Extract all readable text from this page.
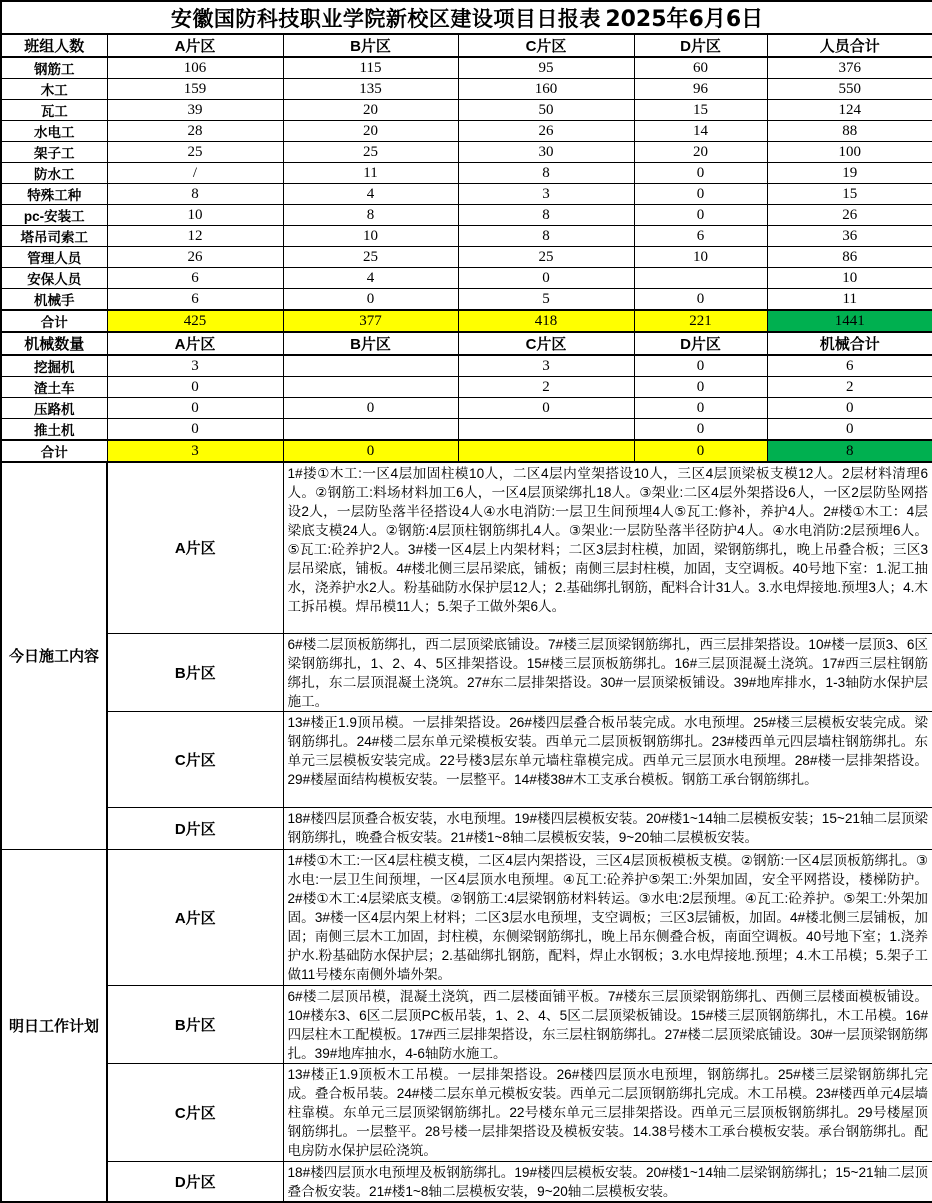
安徽国防科技职业学院新校区建设项目日报表 2025年6月6日					
班组人数	A片区	B片区	C片区	D片区	人员合计
钢筋工	106	115	95	60	376
木工	159	135	160	96	550
瓦工	39	20	50	15	124
水电工	28	20	26	14	88
架子工	25	25	30	20	100
防水工	/	11	8	0	19
特殊工种	8	4	3	0	15
pc-安装工	10	8	8	0	26
塔吊司索工	12	10	8	6	36
管理人员	26	25	25	10	86
安保人员	6	4	0		10
机械手	6	0	5	0	11
合计	425	377	418	221	1441
机械数量	A片区	B片区	C片区	D片区	机械合计
挖掘机	3		3	0	6
渣土车	0		2	0	2
压路机	0	0	0	0	0
推土机	0			0	0
合计	3	0		0	8
今日施工内容	A片区	1#搂①木工:一区4层加固柱模10人，二区4层内堂架搭设10人，三区4层顶梁板支模12人。2层材料清理6人。②钢筋工:料场材料加工6人，一区4层顶梁绑扎18人。③架业:二区4层外架搭设6人，一区2层防坠网搭设2人，一层防坠落半径搭设4人④水电消防:一层卫生间预埋4人⑤瓦工:修补，养护4人。2#楼①木工：4层梁底支模24人。②钢筋:4层顶柱钢筋绑扎4人。③架业:一层防坠落半径防护4人。④水电消防:2层预埋6人。⑤瓦工:砼养护2人。3#楼一区4层上内架材料；二区3层封柱模，加固，梁钢筋绑扎，晚上吊叠合板；三区3层吊梁底，铺板。4#楼北侧三层吊梁底，铺板；南侧三层封柱模，加固，支空调板。40号地下室：1.泥工抽水，浇养护水2人。粉基础防水保护层12人；2.基础绑扎钢筋，配料合计31人。3.水电焊接地.预埋3人；4.木工拆吊模。焊吊模11人；5.架子工做外架6人。			
	B片区	6#楼二层顶板筋绑扎，西二层顶梁底铺设。7#楼三层顶梁钢筋绑扎，西三层排架搭设。10#楼一层顶3、6区梁钢筋绑扎，1、2、4、5区排架搭设。15#楼三层顶板筋绑扎。16#三层顶混凝土浇筑。17#西三层柱钢筋绑扎，东二层顶混凝土浇筑。27#东二层排架搭设。30#一层顶梁板铺设。39#地库排水，1-3轴防水保护层施工。			
	C片区	13#楼正1.9顶吊模。一层排架搭设。26#楼四层叠合板吊装完成。水电预埋。25#楼三层模板安装完成。梁钢筋绑扎。24#楼二层东单元梁模板安装。西单元二层顶板钢筋绑扎。23#楼西单元四层墙柱钢筋绑扎。东单元三层模板安装完成。22号楼3层东单元墙柱靠模完成。西单元三层顶水电预埋。28#楼一层排架搭设。29#楼屋面结构模板安装。一层整平。14#楼38#木工支承台模板。钢筋工承台钢筋绑扎。			
	D片区	18#楼四层顶叠合板安装，水电预埋。19#楼四层模板安装。20#楼1~14轴二层模板安装；15~21轴二层顶梁钢筋绑扎，晚叠合板安装。21#楼1~8轴二层模板安装，9~20轴二层模板安装。			
明日工作计划	A片区	1#楼①木工:一区4层柱模支模，二区4层内架搭设，三区4层顶板模板支模。②钢筋:一区4层顶板筋绑扎。③水电:一层卫生间预埋，一区4层顶水电预埋。④瓦工:砼养护⑤架工:外架加固，安全平网搭设，楼梯防护。2#楼①木工:4层梁底支模。②钢筋工:4层梁钢筋材料转运。③水电:2层预埋。④瓦工:砼养护。⑤架工:外架加固。3#楼一区4层内架上材料；二区3层水电预埋，支空调板；三区3层铺板，加固。4#楼北侧三层铺板，加固；南侧三层木工加固，封柱模，东侧梁钢筋绑扎，晚上吊东侧叠合板，南面空调板。40号地下室；1.浇养护水.粉基础防水保护层；2.基础绑扎钢筋，配料，焊止水钢板；3.水电焊接地.预埋；4.木工吊模；5.架子工做11号楼东南侧外墙外架。			
	B片区	6#楼二层顶吊模，混凝土浇筑，西二层楼面铺平板。7#楼东三层顶梁钢筋绑扎、西侧三层楼面模板铺设。10#楼东3、6区二层顶PC板吊装，1、2、4、5区二层顶梁板铺设。15#楼三层顶钢筋绑扎，木工吊模。16#四层柱木工配模板。17#西三层排架搭设，东三层柱钢筋绑扎。27#楼二层顶梁底铺设。30#一层顶梁钢筋绑扎。39#地库抽水，4-6轴防水施工。			
	C片区	13#楼正1.9顶板木工吊模。一层排架搭设。26#楼四层顶水电预埋，钢筋绑扎。25#楼三层梁钢筋绑扎完成。叠合板吊装。24#楼二层东单元模板安装。西单元二层顶钢筋绑扎完成。木工吊模。23#楼西单元4层墙柱靠模。东单元三层顶梁钢筋绑扎。22号楼东单元三层排架搭设。西单元三层顶板钢筋绑扎。29号楼屋顶钢筋绑扎。一层整平。28号楼一层排架搭设及模板安装。14.38号楼木工承台模板安装。承台钢筋绑扎。配电房防水保护层砼浇筑。			
	D片区	18#楼四层顶水电预埋及板钢筋绑扎。19#楼四层模板安装。20#楼1~14轴二层梁钢筋绑扎；15~21轴二层顶叠合板安装。21#楼1~8轴二层模板安装，9~20轴二层模板安装。			
